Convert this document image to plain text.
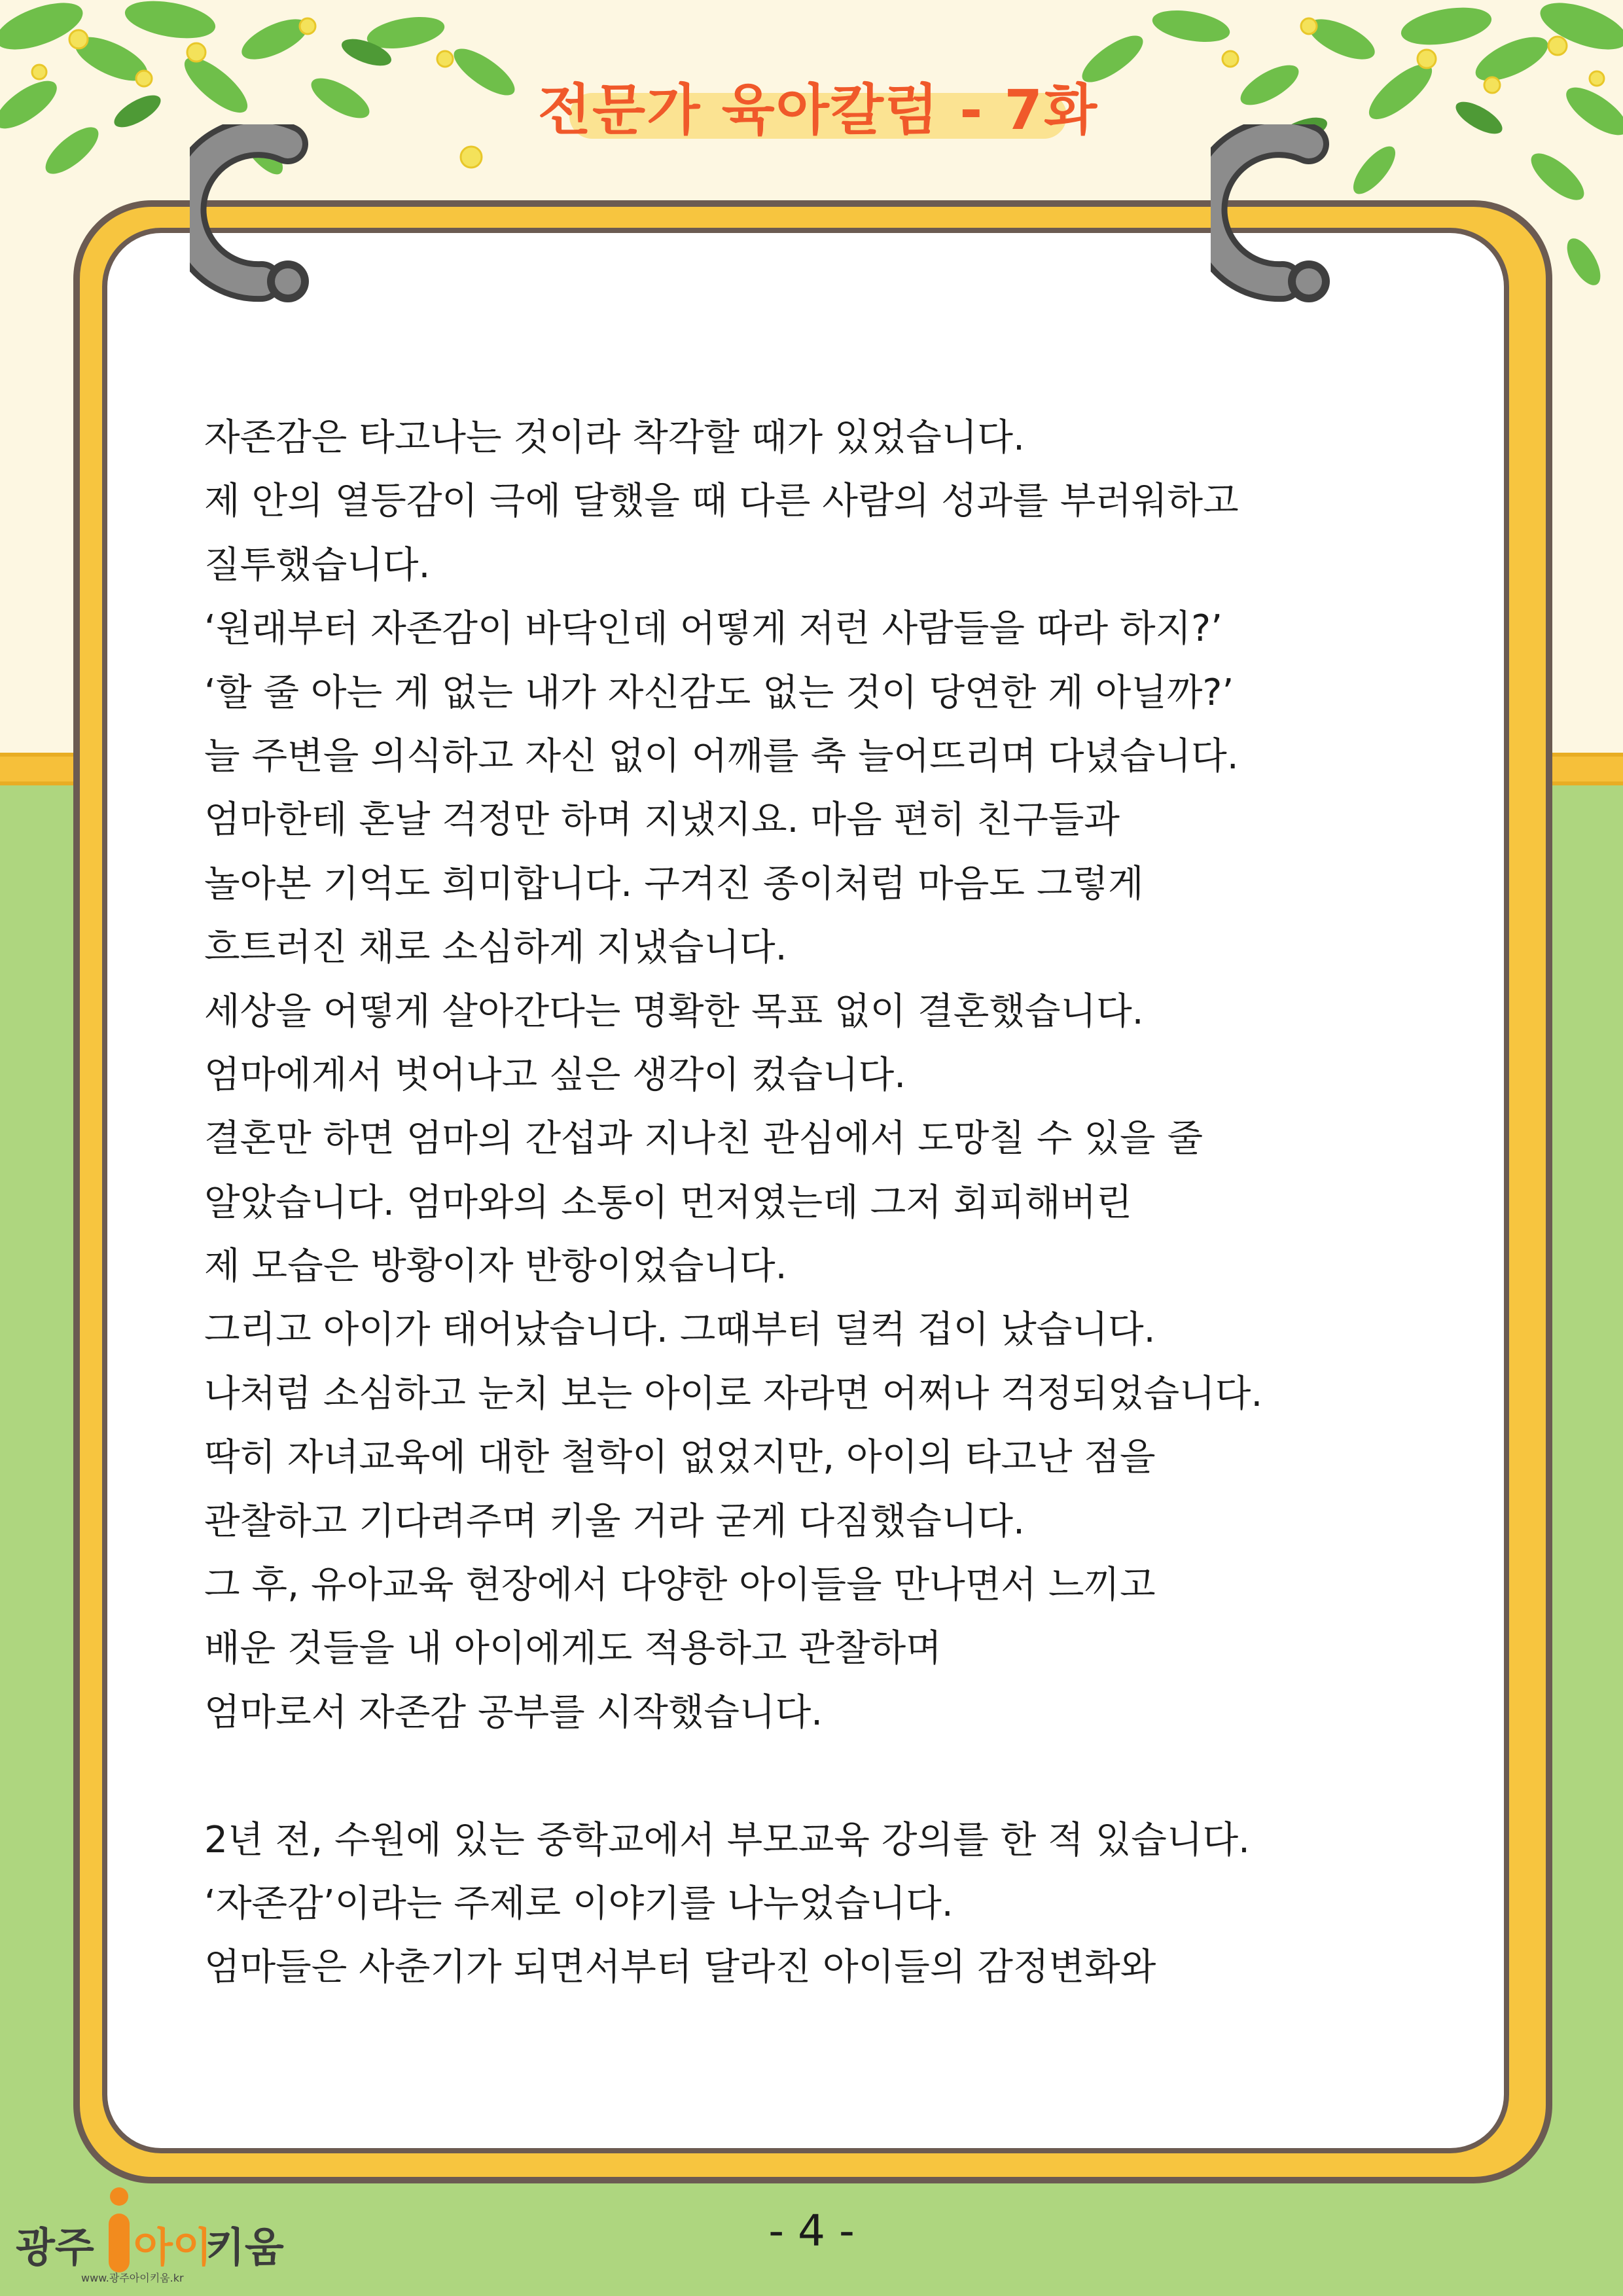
전문가 육아칼럼 - 7화
자존감은 타고나는 것이라 착각할 때가 있었습니다.
제 안의 열등감이 극에 달했을 때 다른 사람의 성과를 부러워하고
질투했습니다.
‘원래부터 자존감이 바닥인데 어떻게 저런 사람들을 따라 하지?’
‘할 줄 아는 게 없는 내가 자신감도 없는 것이 당연한 게 아닐까?’
늘 주변을 의식하고 자신 없이 어깨를 축 늘어뜨리며 다녔습니다.
엄마한테 혼날 걱정만 하며 지냈지요. 마음 편히 친구들과
놀아본 기억도 희미합니다. 구겨진 종이처럼 마음도 그렇게
흐트러진 채로 소심하게 지냈습니다.
세상을 어떻게 살아간다는 명확한 목표 없이 결혼했습니다.
엄마에게서 벗어나고 싶은 생각이 컸습니다.
결혼만 하면 엄마의 간섭과 지나친 관심에서 도망칠 수 있을 줄
알았습니다. 엄마와의 소통이 먼저였는데 그저 회피해버린
제 모습은 방황이자 반항이었습니다.
그리고 아이가 태어났습니다. 그때부터 덜컥 겁이 났습니다.
나처럼 소심하고 눈치 보는 아이로 자라면 어쩌나 걱정되었습니다.
딱히 자녀교육에 대한 철학이 없었지만, 아이의 타고난 점을
관찰하고 기다려주며 키울 거라 굳게 다짐했습니다.
그 후, 유아교육 현장에서 다양한 아이들을 만나면서 느끼고
배운 것들을 내 아이에게도 적용하고 관찰하며
엄마로서 자존감 공부를 시작했습니다.
2년 전, 수원에 있는 중학교에서 부모교육 강의를 한 적 있습니다.
‘자존감’이라는 주제로 이야기를 나누었습니다.
엄마들은 사춘기가 되면서부터 달라진 아이들의 감정변화와
광주 아이
키움
www.광주아이키움.kr
- 4 -
